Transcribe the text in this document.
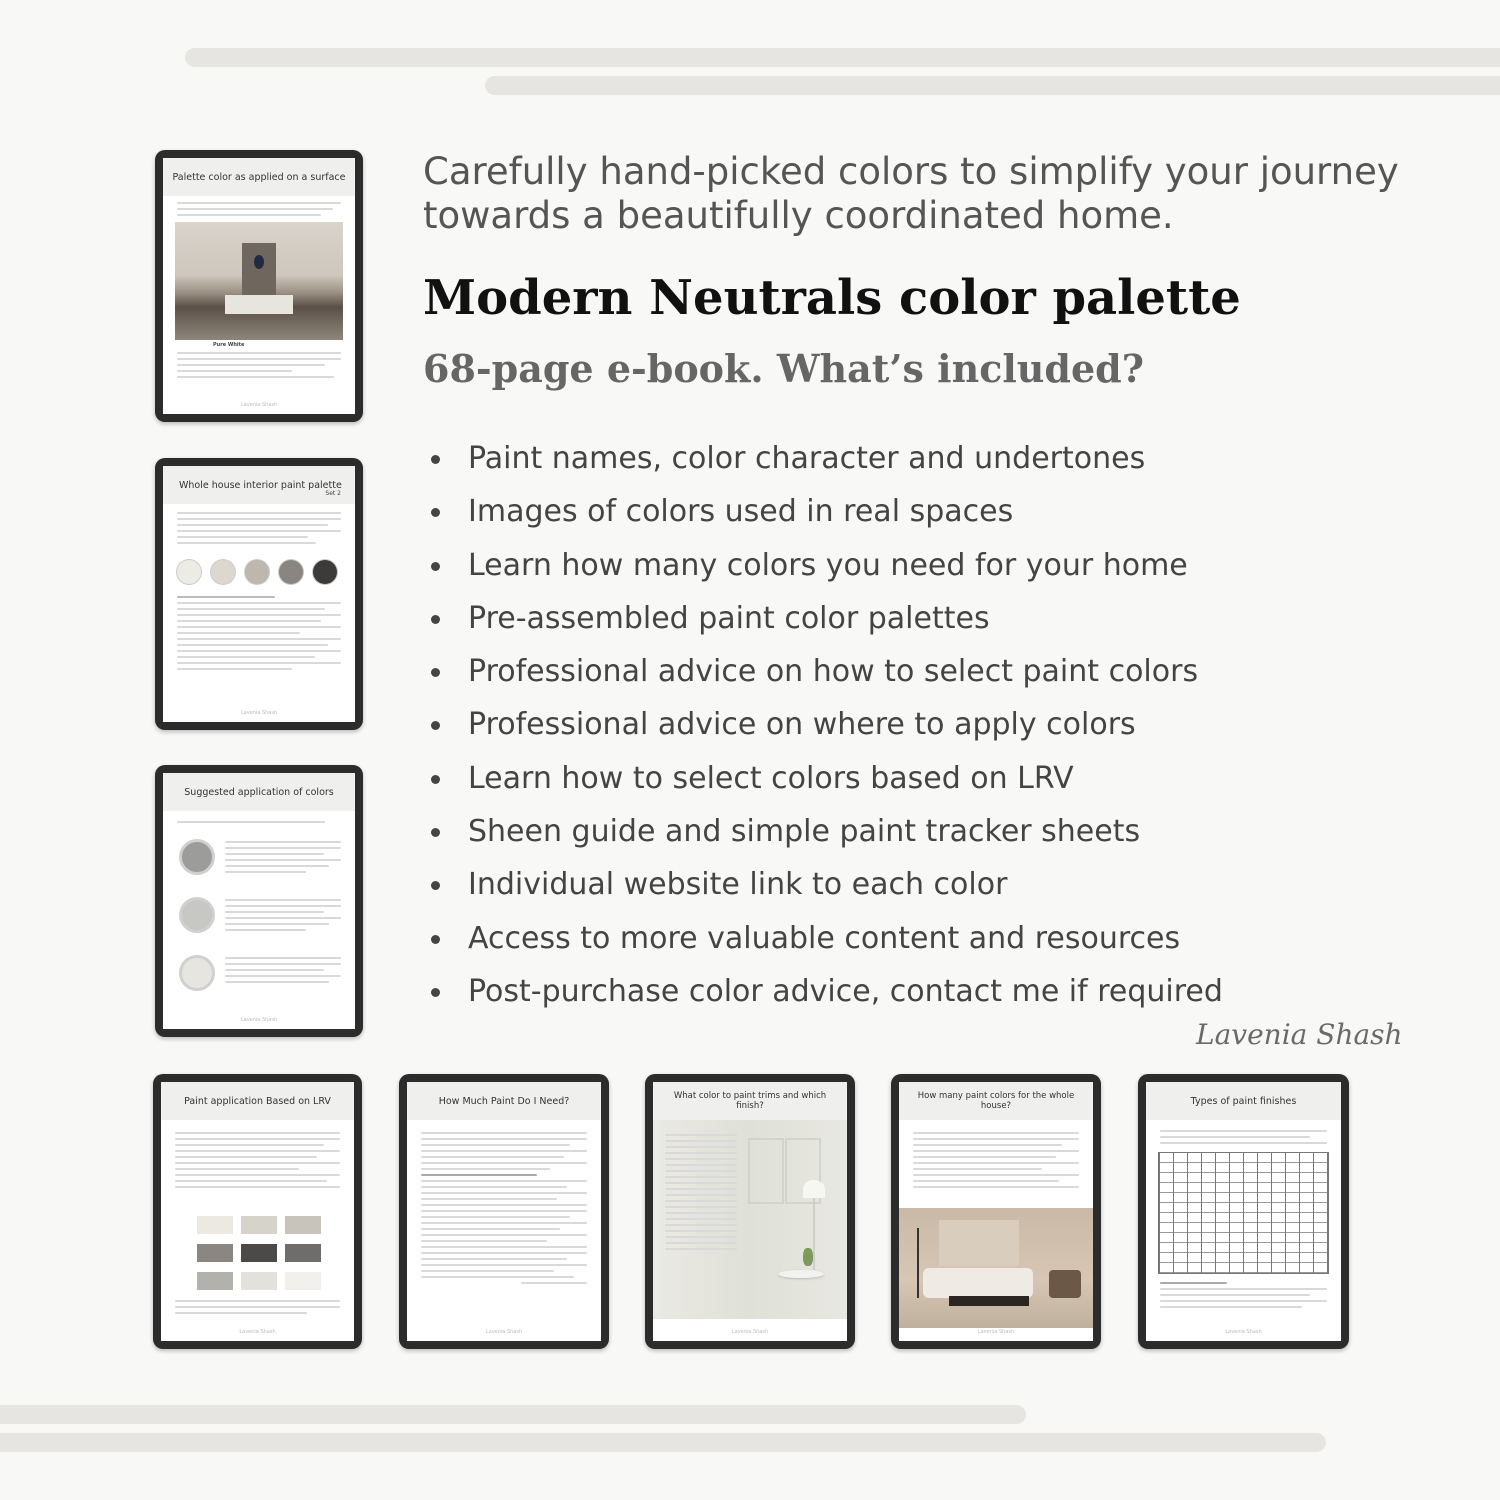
Palette color as applied on a surface
Pure White
Lavenia Shash
Whole house interior paint palette
Set 2
Lavenia Shash
Suggested application of colors
Lavenia Shash
Paint application Based on LRV
Lavenia Shash
How Much Paint Do I Need?
Lavenia Shash
What color to paint trims and which finish?
Lavenia Shash
How many paint colors for the whole house?
Lavenia Shash
Types of paint finishes
Lavenia Shash
Carefully hand-picked colors to simplify your journey towards a beautifully coordinated home.
Modern Neutrals color palette
68-page e-book. What’s included?
Paint names, color character and undertones
Images of colors used in real spaces
Learn how many colors you need for your home
Pre-assembled paint color palettes
Professional advice on how to select paint colors
Professional advice on where to apply colors
Learn how to select colors based on LRV
Sheen guide and simple paint tracker sheets
Individual website link to each color
Access to more valuable content and resources
Post-purchase color advice, contact me if required
Lavenia Shash
